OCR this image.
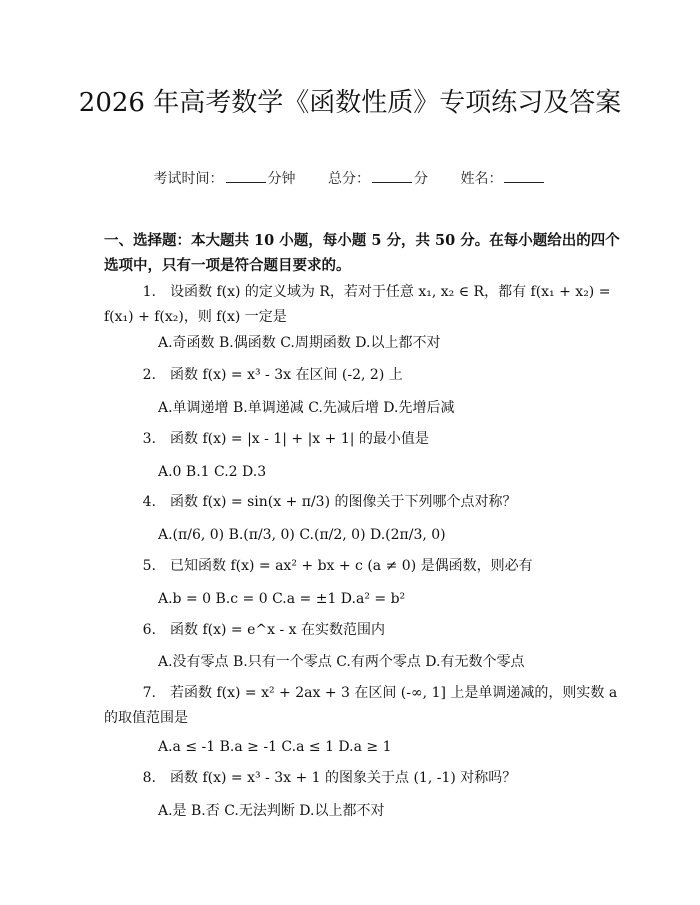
2026 年高考数学《函数性质》专项练习及答案
考试时间：	分钟 总分：	分 姓名：
一、选择题：本大题共 10 小题，每小题 5 分，共 50 分。在每小题给出的四个选项中，只有一项是符合题目要求的。
1. 设函数 f(x) 的定义域为 R，若对于任意 x₁, x₂ ∈ R，都有 f(x₁ + x₂) = f(x₁) + f(x₂)，则 f(x) 一定是
A.奇函数 B.偶函数 C.周期函数 D.以上都不对
2. 函数 f(x) = x³ - 3x 在区间 (-2, 2) 上
A.单调递增 B.单调递减 C.先减后增 D.先增后减
3. 函数 f(x) = |x - 1| + |x + 1| 的最小值是
A.0 B.1 C.2 D.3
4. 函数 f(x) = sin(x + π/3) 的图像关于下列哪个点对称？
A.(π/6, 0) B.(π/3, 0) C.(π/2, 0) D.(2π/3, 0)
5. 已知函数 f(x) = ax² + bx + c (a ≠ 0) 是偶函数，则必有
A.b = 0 B.c = 0 C.a = ±1 D.a² = b²
6. 函数 f(x) = e^x - x 在实数范围内
A.没有零点 B.只有一个零点 C.有两个零点 D.有无数个零点
7. 若函数 f(x) = x² + 2ax + 3 在区间 (-∞, 1] 上是单调递减的，则实数 a 的取值范围是
A.a ≤ -1 B.a ≥ -1 C.a ≤ 1 D.a ≥ 1
8. 函数 f(x) = x³ - 3x + 1 的图象关于点 (1, -1) 对称吗？
A.是 B.否 C.无法判断 D.以上都不对
